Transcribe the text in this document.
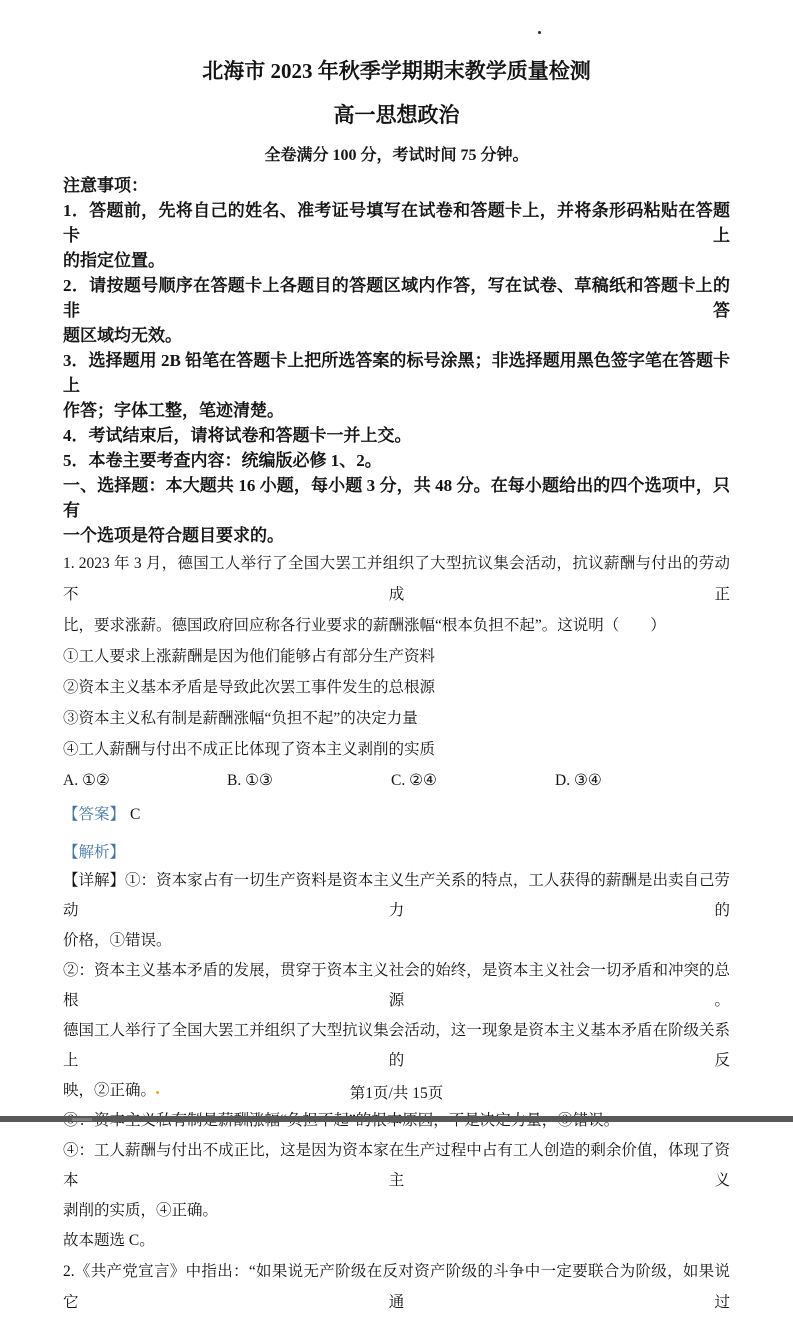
北海市 2023 年秋季学期期末教学质量检测
高一思想政治
全卷满分 100 分，考试时间 75 分钟。
注意事项：
1．答题前，先将自己的姓名、准考证号填写在试卷和答题卡上，并将条形码粘贴在答题卡上
的指定位置。
2．请按题号顺序在答题卡上各题目的答题区域内作答，写在试卷、草稿纸和答题卡上的非答
题区域均无效。
3．选择题用 2B 铅笔在答题卡上把所选答案的标号涂黑；非选择题用黑色签字笔在答题卡上
作答；字体工整，笔迹清楚。
4．考试结束后，请将试卷和答题卡一并上交。
5．本卷主要考查内容：统编版必修 1、2。
一、选择题：本大题共 16 小题，每小题 3 分，共 48 分。在每小题给出的四个选项中，只有
一个选项是符合题目要求的。
1. 2023 年 3 月，德国工人举行了全国大罢工并组织了大型抗议集会活动，抗议薪酬与付出的劳动不成正
比，要求涨薪。德国政府回应称各行业要求的薪酬涨幅“根本负担不起”。这说明（　　）
①工人要求上涨薪酬是因为他们能够占有部分生产资料
②资本主义基本矛盾是导致此次罢工事件发生的总根源
③资本主义私有制是薪酬涨幅“负担不起”的决定力量
④工人薪酬与付出不成正比体现了资本主义剥削的实质
A. ①②	B. ①③	C. ②④	D. ③④
【答案】 C
【解析】
【详解】①：资本家占有一切生产资料是资本主义生产关系的特点，工人获得的薪酬是出卖自己劳动力的
价格，①错误。
②：资本主义基本矛盾的发展，贯穿于资本主义社会的始终，是资本主义社会一切矛盾和冲突的总根源。
德国工人举行了全国大罢工并组织了大型抗议集会活动，这一现象是资本主义基本矛盾在阶级关系上的反
映，②正确。
④：工人薪酬与付出不成正比，这是因为资本家在生产过程中占有工人创造的剩余价值，体现了资本主义
剥削的实质，④正确。
故本题选 C。
2.《共产党宣言》中指出：“如果说无产阶级在反对资产阶级的斗争中一定要联合为阶级，如果说它通过
第1页/共 15页
